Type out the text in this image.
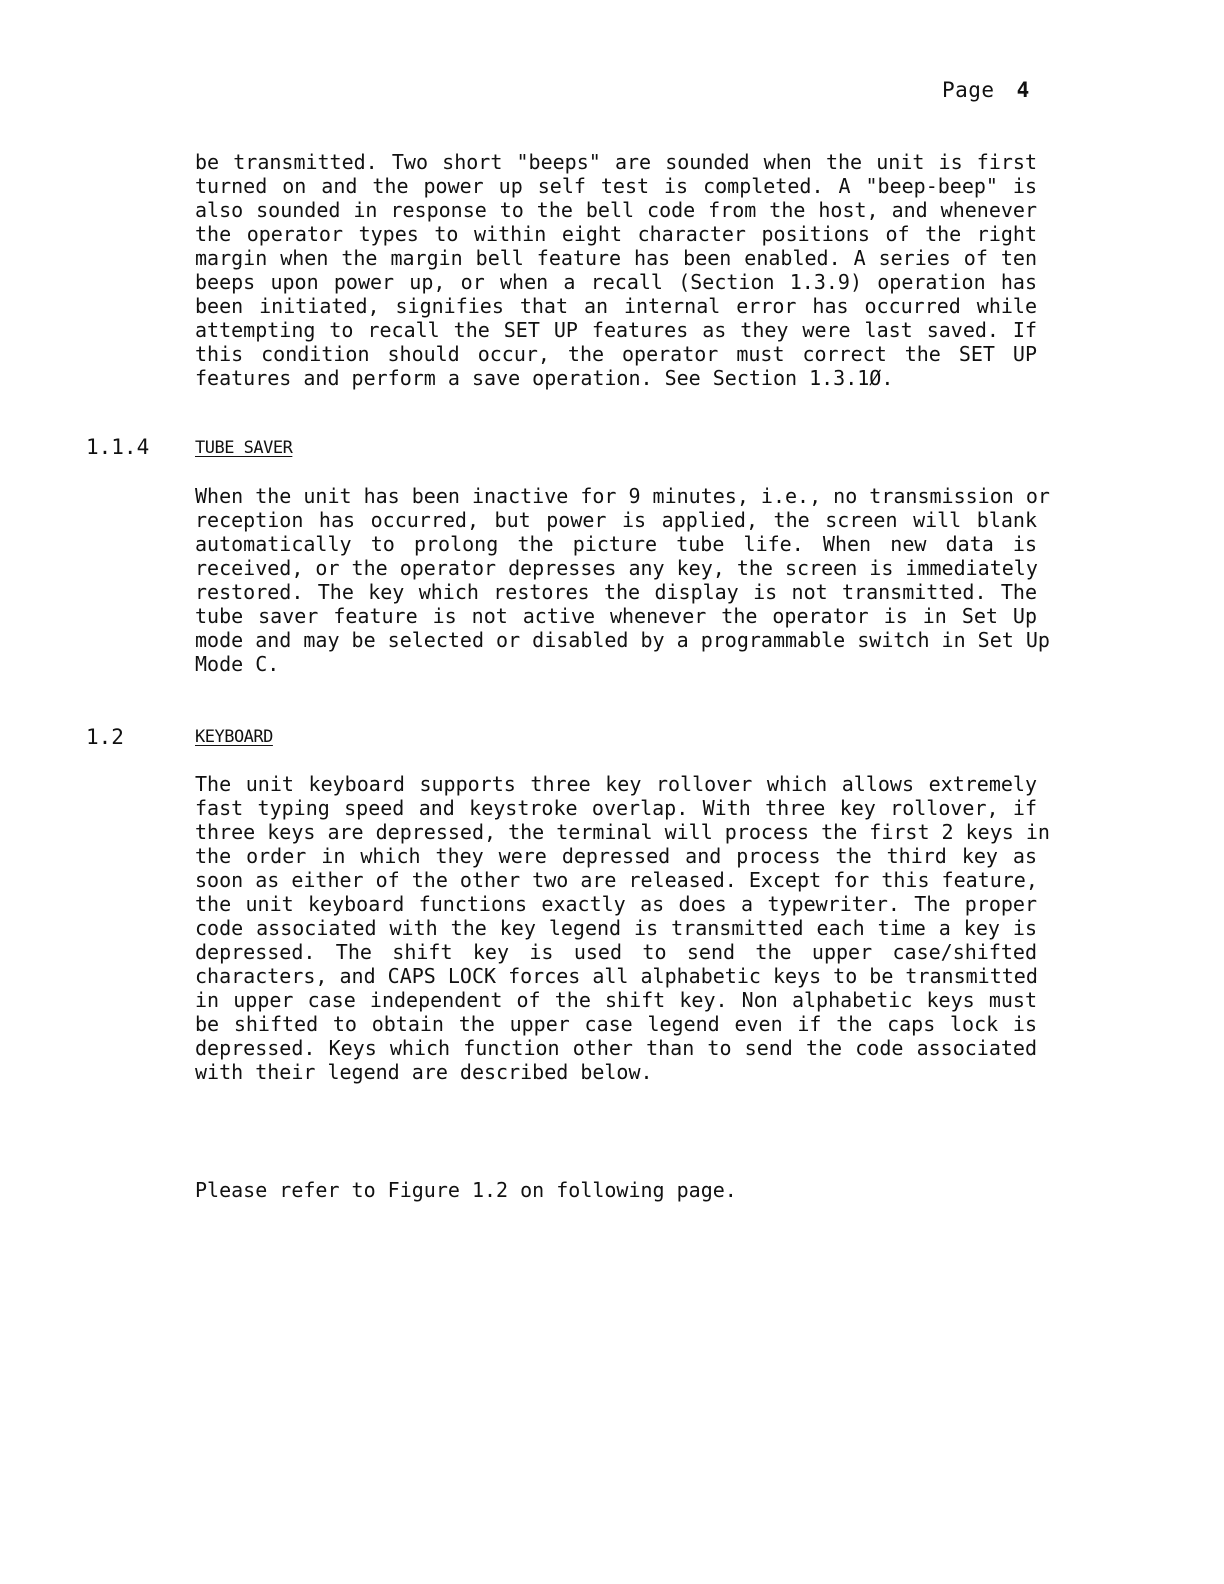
Page 4
be transmitted. Two short "beeps" are sounded when the unit is first
turned on and the power up self test is completed. A "beep-beep" is
also sounded in response to the bell code from the host, and whenever
the operator types to within eight character positions of the right
margin when the margin bell feature has been enabled. A series of ten
beeps upon power up, or when a recall (Section 1.3.9) operation has
been initiated, signifies that an internal error has occurred while
attempting to recall the SET UP features as they were last saved. If
this condition should occur, the operator must correct the SET UP
features and perform a save operation. See Section 1.3.1Ø.
1.1.4	TUBE SAVER
When the unit has been inactive for 9 minutes, i.e., no transmission or
reception has occurred, but power is applied, the screen will blank
automatically to prolong the picture tube life. When new data is
received, or the operator depresses any key, the screen is immediately
restored. The key which restores the display is not transmitted. The
tube saver feature is not active whenever the operator is in Set Up
mode and may be selected or disabled by a programmable switch in Set Up
Mode C.
1.2	KEYBOARD
The unit keyboard supports three key rollover which allows extremely
fast typing speed and keystroke overlap. With three key rollover, if
three keys are depressed, the terminal will process the first 2 keys in
the order in which they were depressed and process the third key as
soon as either of the other two are released. Except for this feature,
the unit keyboard functions exactly as does a typewriter. The proper
code associated with the key legend is transmitted each time a key is
depressed. The shift key is used to send the upper case/shifted
characters, and CAPS LOCK forces all alphabetic keys to be transmitted
in upper case independent of the shift key. Non alphabetic keys must
be shifted to obtain the upper case legend even if the caps lock is
depressed. Keys which function other than to send the code associated
with their legend are described below.
Please refer to Figure 1.2 on following page.
